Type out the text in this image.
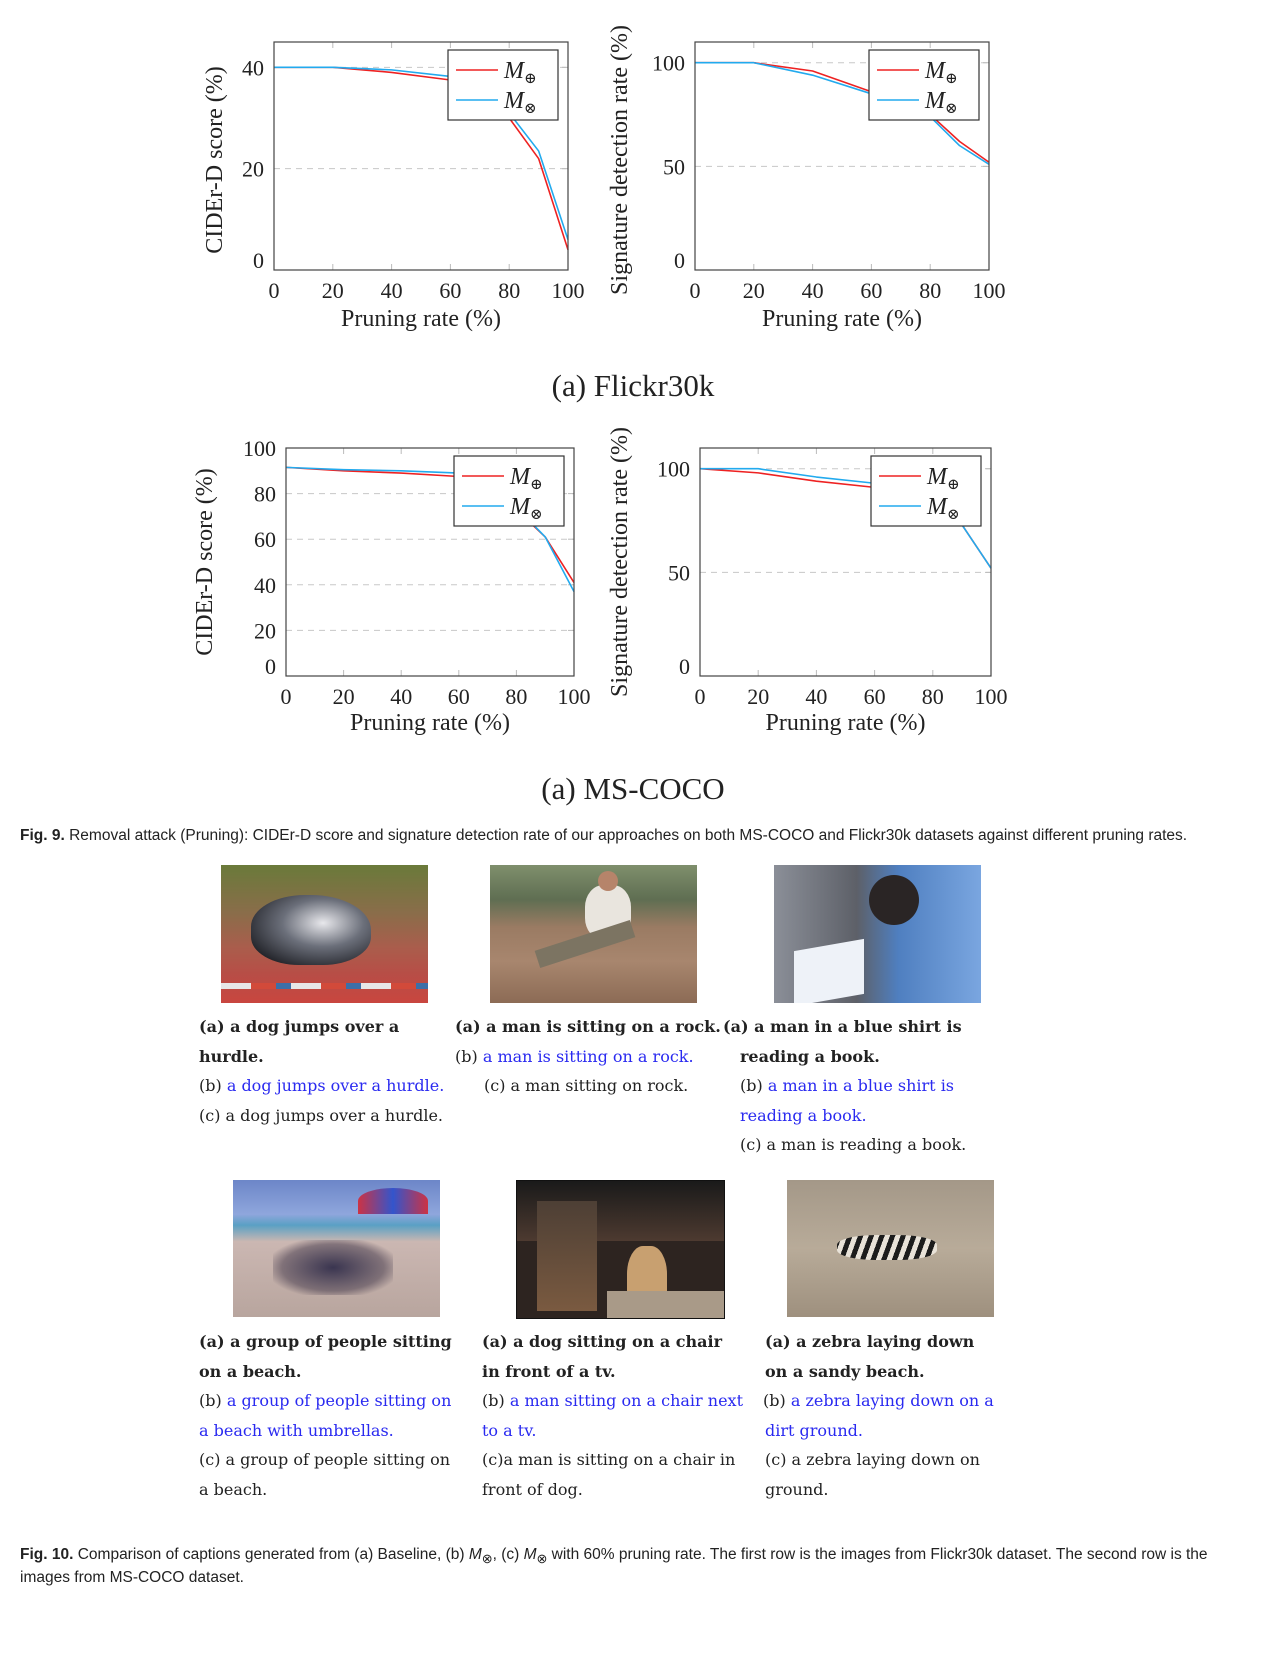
0 20 40 60 80 100
0
20
40	$M_\oplus$
$M_\otimes$
Pruning rate (%)
CIDEr-D score (%)
0 20 40 60 80 100
0
50
100	$M_\oplus$
$M_\otimes$
Pruning rate (%)
Signature detection rate (%)
(a) Flickr30k
0 20 40 60 80 100
0
20
40
60
80
100
$M_\oplus$
$M_\otimes$
Pruning rate (%)
CIDEr-D score (%)
0 20 40 60 80 100
0
50
100	$M_\oplus$
$M_\otimes$
Pruning rate (%)
Signature detection rate (%)
(a) MS-COCO
Fig. 9. Removal attack (Pruning): CIDEr-D score and signature detection rate of our approaches on both MS-COCO and Flickr30k datasets against different pruning rates.
(a) a dog jumps over a
hurdle.
(b) a dog jumps over a hurdle.
(c) a dog jumps over a hurdle.
(a) a man is sitting on a rock.
(b) a man is sitting on a rock.
(c) a man sitting on rock.
(a) a man in a blue shirt is
reading a book.
(b) a man in a blue shirt is
reading a book.
(c) a man is reading a book.
(a) a group of people sitting
on a beach.
(b) a group of people sitting on
a beach with umbrellas.
(c) a group of people sitting on
a beach.
(a) a dog sitting on a chair
in front of a tv.
(b) a man sitting on a chair next
to a tv.
(c)a man is sitting on a chair in
front of dog.
(a) a zebra laying down
on a sandy beach.
(b) a zebra laying down on a
dirt ground.
(c) a zebra laying down on
ground.
Fig. 10. Comparison of captions generated from (a) Baseline, (b) $M_\otimes$, (c) $M_\otimes$ with 60% pruning rate. The first row is the images from Flickr30k dataset. The second row is the images from MS-COCO dataset.
